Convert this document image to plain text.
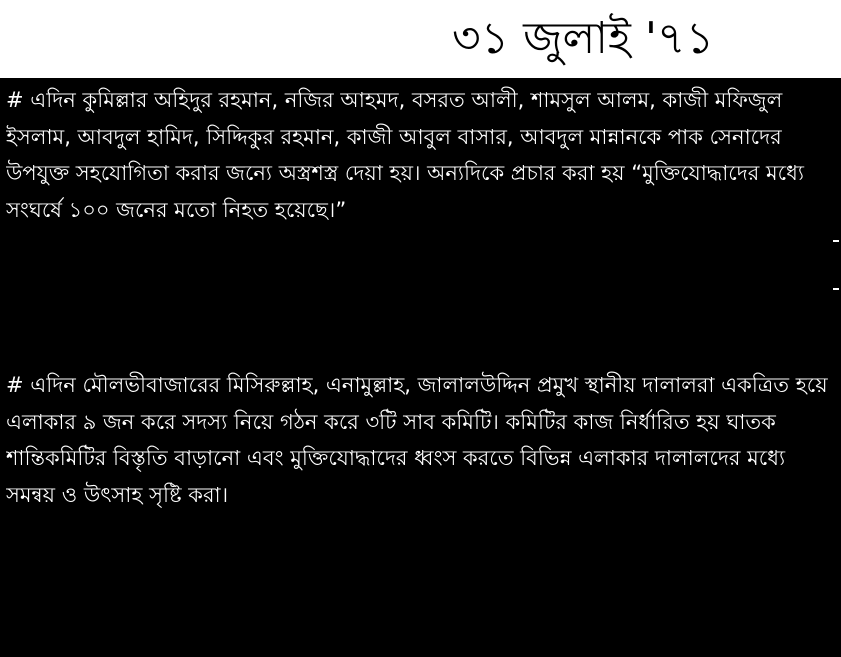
৩১ জুলাই '৭১

# এদিন কুমিল্লার অহিদুর রহমান, নজির আহমদ, বসরত আলী, শামসুল আলম, কাজী মফিজুল ইসলাম, আবদুল হামিদ, সিদ্দিকুর রহমান, কাজী আবুল বাসার, আবদুল মান্নানকে পাক সেনাদের উপযুক্ত সহযোগিতা করার জন্যে অস্ত্রশস্ত্র দেয়া হয়। অন্যদিকে প্রচার করা হয় “মুক্তিযোদ্ধাদের মধ্যে সংঘর্ষে ১০০ জনের মতো নিহত হয়েছে।”

# এদিন মৌলভীবাজারের মিসিরুল্লাহ, এনামুল্লাহ, জালালউদ্দিন প্রমুখ স্থানীয় দালালরা একত্রিত হয়ে এলাকার ৯ জন করে সদস্য নিয়ে গঠন করে ৩টি সাব কমিটি। কমিটির কাজ নির্ধারিত হয় ঘাতক শান্তিকমিটির বিস্তৃতি বাড়ানো এবং মুক্তিযোদ্ধাদের ধ্বংস করতে বিভিন্ন এলাকার দালালদের মধ্যে সমন্বয় ও উৎসাহ সৃষ্টি করা।
